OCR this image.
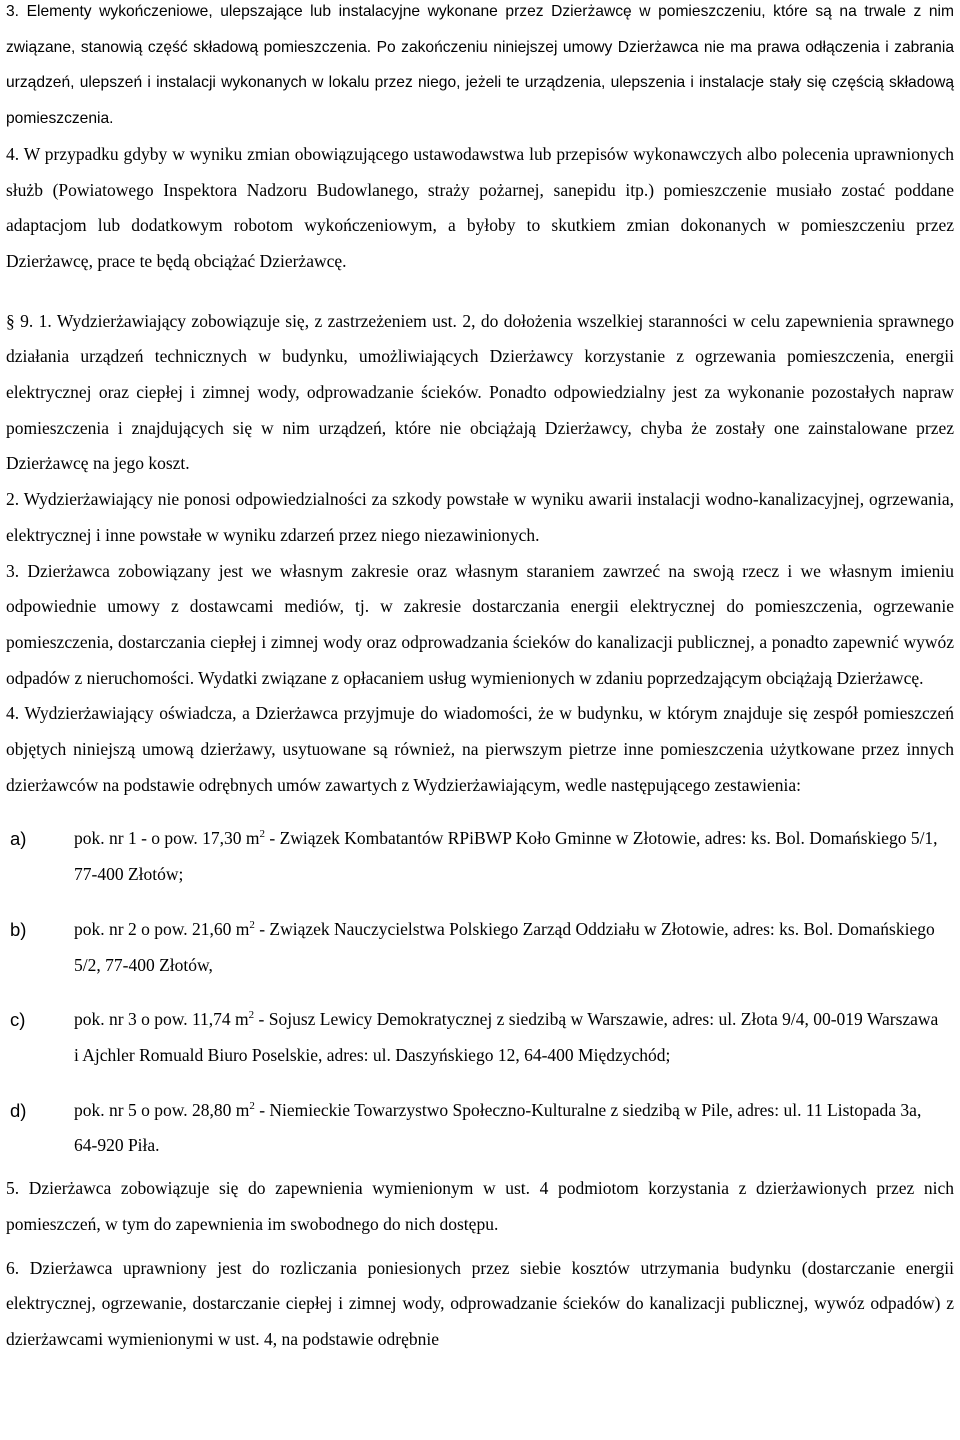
3. Elementy wykończeniowe, ulepszające lub instalacyjne wykonane przez Dzierżawcę w pomieszczeniu, które są na trwale z nim związane, stanowią część składową pomieszczenia. Po zakończeniu niniejszej umowy Dzierżawca nie ma prawa odłączenia i zabrania urządzeń, ulepszeń i instalacji wykonanych w lokalu przez niego, jeżeli te urządzenia, ulepszenia i instalacje stały się częścią składową pomieszczenia.

4. W przypadku gdyby w wyniku zmian obowiązującego ustawodawstwa lub przepisów wykonawczych albo polecenia uprawnionych służb (Powiatowego Inspektora Nadzoru Budowlanego, straży pożarnej, sanepidu itp.) pomieszczenie musiało zostać poddane adaptacjom lub dodatkowym robotom wykończeniowym, a byłoby to skutkiem zmian dokonanych w pomieszczeniu przez Dzierżawcę, prace te będą obciążać Dzierżawcę.

§ 9. 1. Wydzierżawiający zobowiązuje się, z zastrzeżeniem ust. 2, do dołożenia wszelkiej staranności w celu zapewnienia sprawnego działania urządzeń technicznych w budynku, umożliwiających Dzierżawcy korzystanie z ogrzewania pomieszczenia, energii elektrycznej oraz ciepłej i zimnej wody, odprowadzanie ścieków. Ponadto odpowiedzialny jest za wykonanie pozostałych napraw pomieszczenia i znajdujących się w nim urządzeń, które nie obciążają Dzierżawcy, chyba że zostały one zainstalowane przez Dzierżawcę na jego koszt.

2. Wydzierżawiający nie ponosi odpowiedzialności za szkody powstałe w wyniku awarii instalacji wodno-kanalizacyjnej, ogrzewania, elektrycznej i inne powstałe w wyniku zdarzeń przez niego niezawinionych.

3. Dzierżawca zobowiązany jest we własnym zakresie oraz własnym staraniem zawrzeć na swoją rzecz i we własnym imieniu odpowiednie umowy z dostawcami mediów, tj. w zakresie dostarczania energii elektrycznej do pomieszczenia, ogrzewanie pomieszczenia, dostarczania ciepłej i zimnej wody oraz odprowadzania ścieków do kanalizacji publicznej, a ponadto zapewnić wywóz odpadów z nieruchomości. Wydatki związane z opłacaniem usług wymienionych w zdaniu poprzedzającym obciążają Dzierżawcę.

4. Wydzierżawiający oświadcza, a Dzierżawca przyjmuje do wiadomości, że w budynku, w którym znajduje się zespół pomieszczeń objętych niniejszą umową dzierżawy, usytuowane są również, na pierwszym pietrze inne pomieszczenia użytkowane przez innych dzierżawców na podstawie odrębnych umów zawartych z Wydzierżawiającym, wedle następującego zestawienia:

a)	pok. nr 1 - o pow. 17,30 $m^2$ - Związek Kombatantów RPiBWP Koło Gminne w Złotowie, adres: ks. Bol. Domańskiego 5/1, 77-400 Złotów;
b)	pok. nr 2 o pow. 21,60 $m^2$ - Związek Nauczycielstwa Polskiego Zarząd Oddziału w Złotowie, adres: ks. Bol. Domańskiego 5/2, 77-400 Złotów,
c)	pok. nr 3 o pow. 11,74 $m^2$ - Sojusz Lewicy Demokratycznej z siedzibą w Warszawie, adres: ul. Złota 9/4, 00-019 Warszawa i Ajchler Romuald Biuro Poselskie, adres: ul. Daszyńskiego 12, 64-400 Międzychód;
d)	pok. nr 5 o pow. 28,80 $m^2$ - Niemieckie Towarzystwo Społeczno-Kulturalne z siedzibą w Pile, adres: ul. 11 Listopada 3a, 64-920 Piła.

5. Dzierżawca zobowiązuje się do zapewnienia wymienionym w ust. 4 podmiotom korzystania z dzierżawionych przez nich pomieszczeń, w tym do zapewnienia im swobodnego do nich dostępu.

6. Dzierżawca uprawniony jest do rozliczania poniesionych przez siebie kosztów utrzymania budynku (dostarczanie energii elektrycznej, ogrzewanie, dostarczanie ciepłej i zimnej wody, odprowadzanie ścieków do kanalizacji publicznej, wywóz odpadów) z dzierżawcami wymienionymi w ust. 4, na podstawie odrębnie
